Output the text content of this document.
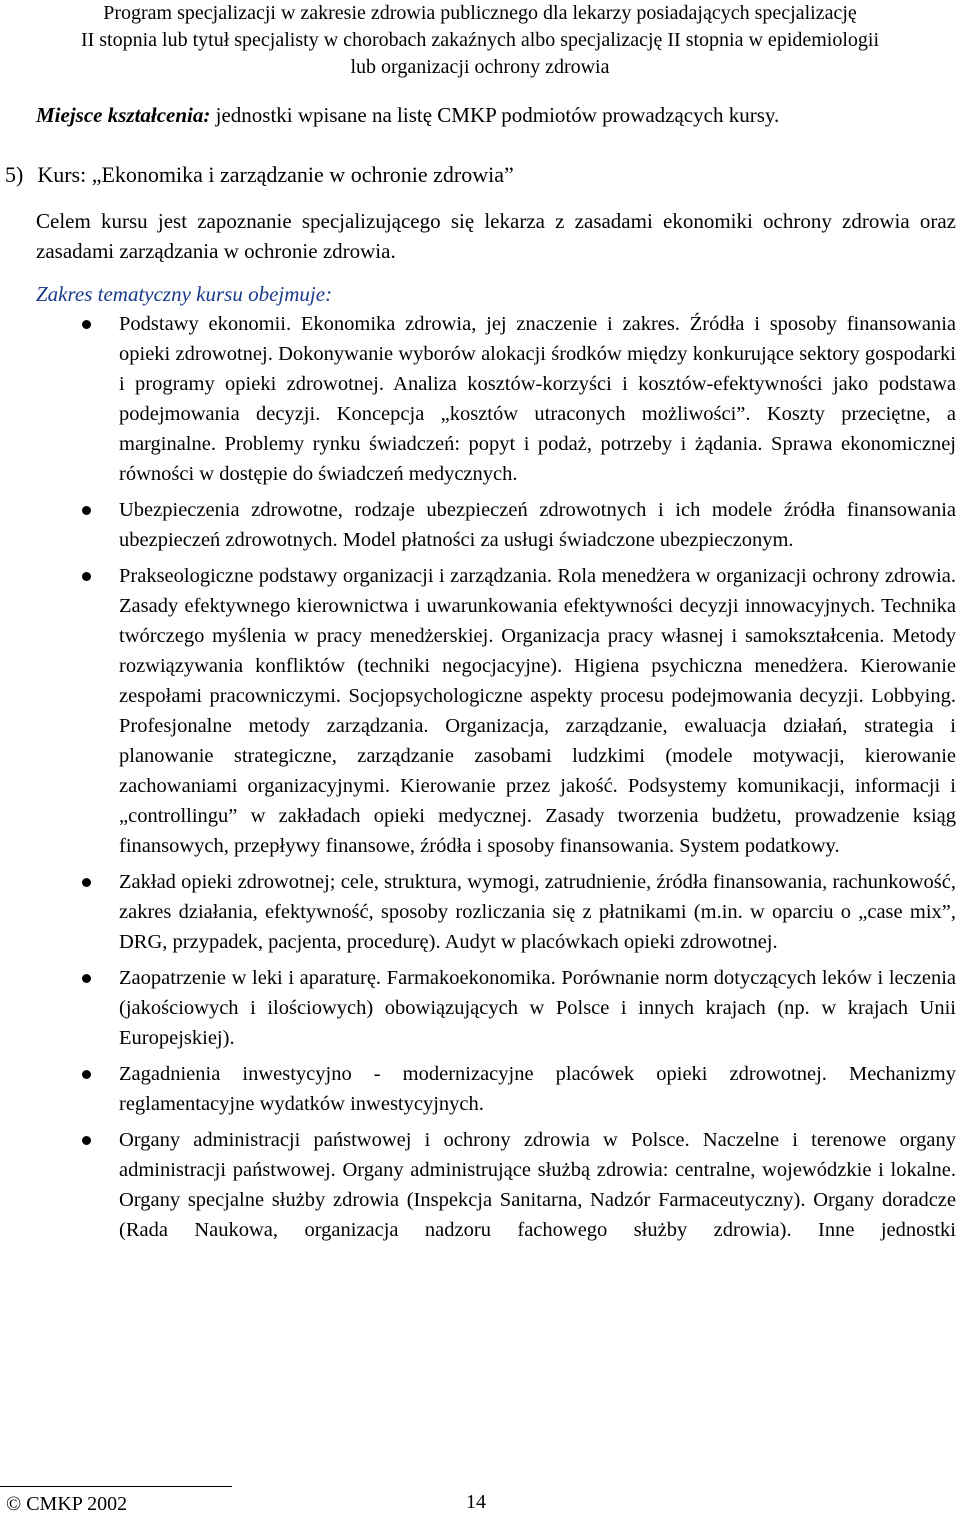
Program specjalizacji w zakresie zdrowia publicznego dla lekarzy posiadających specjalizację
II stopnia lub tytuł specjalisty w chorobach zakaźnych albo specjalizację II stopnia w epidemiologii
lub organizacji ochrony zdrowia
Miejsce kształcenia: jednostki wpisane na listę CMKP podmiotów prowadzących kursy.
5) Kurs: „Ekonomika i zarządzanie w ochronie zdrowia”
Celem kursu jest zapoznanie specjalizującego się lekarza z zasadami ekonomiki ochrony zdrowia oraz zasadami zarządzania w ochronie zdrowia.
Zakres tematyczny kursu obejmuje:
Podstawy ekonomii. Ekonomika zdrowia, jej znaczenie i zakres. Źródła i sposoby finansowania opieki zdrowotnej. Dokonywanie wyborów alokacji środków między konkurujące sektory gospodarki i programy opieki zdrowotnej. Analiza kosztów-korzyści i kosztów-efektywności jako podstawa podejmowania decyzji. Koncepcja „kosztów utraconych możliwości”. Koszty przeciętne, a marginalne. Problemy rynku świadczeń: popyt i podaż, potrzeby i żądania. Sprawa ekonomicznej równości w dostępie do świadczeń medycznych.
Ubezpieczenia zdrowotne, rodzaje ubezpieczeń zdrowotnych i ich modele źródła finansowania ubezpieczeń zdrowotnych. Model płatności za usługi świadczone ubezpieczonym.
Prakseologiczne podstawy organizacji i zarządzania. Rola menedżera w organizacji ochrony zdrowia. Zasady efektywnego kierownictwa i uwarunkowania efektywności decyzji innowacyjnych. Technika twórczego myślenia w pracy menedżerskiej. Organizacja pracy własnej i samokształcenia. Metody rozwiązywania konfliktów (techniki negocjacyjne). Higiena psychiczna menedżera. Kierowanie zespołami pracowniczymi. Socjopsychologiczne aspekty procesu podejmowania decyzji. Lobbying. Profesjonalne metody zarządzania. Organizacja, zarządzanie, ewaluacja działań, strategia i planowanie strategiczne, zarządzanie zasobami ludzkimi (modele motywacji, kierowanie zachowaniami organizacyjnymi. Kierowanie przez jakość. Podsystemy komunikacji, informacji i „controllingu” w zakładach opieki medycznej. Zasady tworzenia budżetu, prowadzenie ksiąg finansowych, przepływy finansowe, źródła i sposoby finansowania. System podatkowy.
Zakład opieki zdrowotnej; cele, struktura, wymogi, zatrudnienie, źródła finansowania, rachunkowość, zakres działania, efektywność, sposoby rozliczania się z płatnikami (m.in. w oparciu o „case mix”, DRG, przypadek, pacjenta, procedurę). Audyt w placówkach opieki zdrowotnej.
Zaopatrzenie w leki i aparaturę. Farmakoekonomika. Porównanie norm dotyczących leków i leczenia (jakościowych i ilościowych) obowiązujących w Polsce i innych krajach (np. w krajach Unii Europejskiej).
Zagadnienia inwestycyjno - modernizacyjne placówek opieki zdrowotnej. Mechanizmy reglamentacyjne wydatków inwestycyjnych.
Organy administracji państwowej i ochrony zdrowia w Polsce. Naczelne i terenowe organy administracji państwowej. Organy administrujące służbą zdrowia: centralne, wojewódzkie i lokalne. Organy specjalne służby zdrowia (Inspekcja Sanitarna, Nadzór Farmaceutyczny). Organy doradcze (Rada Naukowa, organizacja nadzoru fachowego służby zdrowia). Inne jednostki
© CMKP 2002	14
